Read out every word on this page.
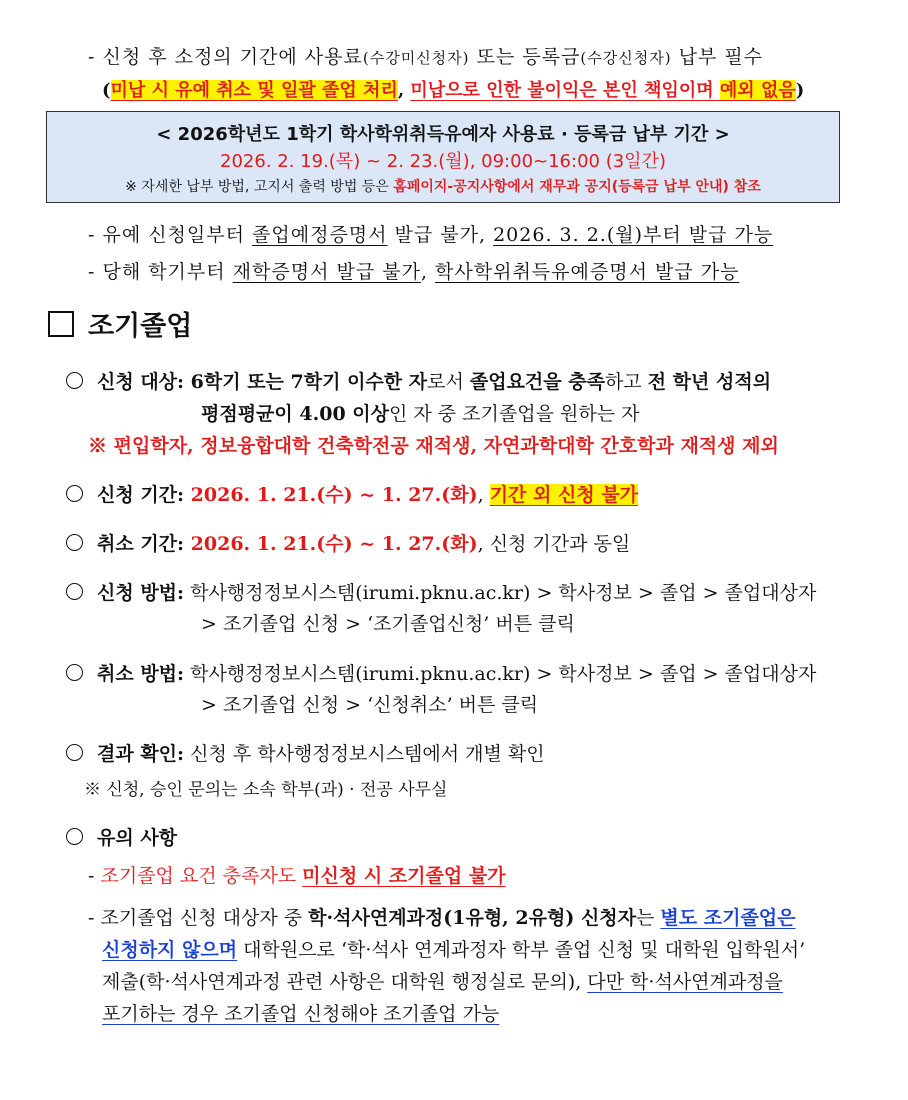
- 신청 후 소정의 기간에 사용료(수강미신청자) 또는 등록금(수강신청자) 납부 필수
(미납 시 유예 취소 및 일괄 졸업 처리, 미납으로 인한 불이익은 본인 책임이며 예외 없음)
< 2026학년도 1학기 학사학위취득유예자 사용료 · 등록금 납부 기간 >
2026. 2. 19.(목) ~ 2. 23.(월), 09:00~16:00 (3일간)
※ 자세한 납부 방법, 고지서 출력 방법 등은 홈페이지-공지사항에서 재무과 공지(등록금 납부 안내) 참조
- 유예 신청일부터 졸업예정증명서 발급 불가, 2026. 3. 2.(월)부터 발급 가능
- 당해 학기부터 재학증명서 발급 불가, 학사학위취득유예증명서 발급 가능
조기졸업
신청 대상: 6학기 또는 7학기 이수한 자로서 졸업요건을 충족하고 전 학년 성적의
평점평균이 4.00 이상인 자 중 조기졸업을 원하는 자
※ 편입학자, 정보융합대학 건축학전공 재적생, 자연과학대학 간호학과 재적생 제외
신청 기간: 2026. 1. 21.(수) ~ 1. 27.(화), 기간 외 신청 불가
취소 기간: 2026. 1. 21.(수) ~ 1. 27.(화), 신청 기간과 동일
신청 방법: 학사행정정보시스템(irumi.pknu.ac.kr) > 학사정보 > 졸업 > 졸업대상자
> 조기졸업 신청 > ‘조기졸업신청’ 버튼 클릭
취소 방법: 학사행정정보시스템(irumi.pknu.ac.kr) > 학사정보 > 졸업 > 졸업대상자
> 조기졸업 신청 > ‘신청취소’ 버튼 클릭
결과 확인: 신청 후 학사행정정보시스템에서 개별 확인
※ 신청, 승인 문의는 소속 학부(과) · 전공 사무실
유의 사항
- 조기졸업 요건 충족자도 미신청 시 조기졸업 불가
- 조기졸업 신청 대상자 중 학·석사연계과정(1유형, 2유형) 신청자는 별도 조기졸업은
신청하지 않으며 대학원으로 ‘학·석사 연계과정자 학부 졸업 신청 및 대학원 입학원서’
제출(학·석사연계과정 관련 사항은 대학원 행정실로 문의), 다만 학·석사연계과정을
포기하는 경우 조기졸업 신청해야 조기졸업 가능
